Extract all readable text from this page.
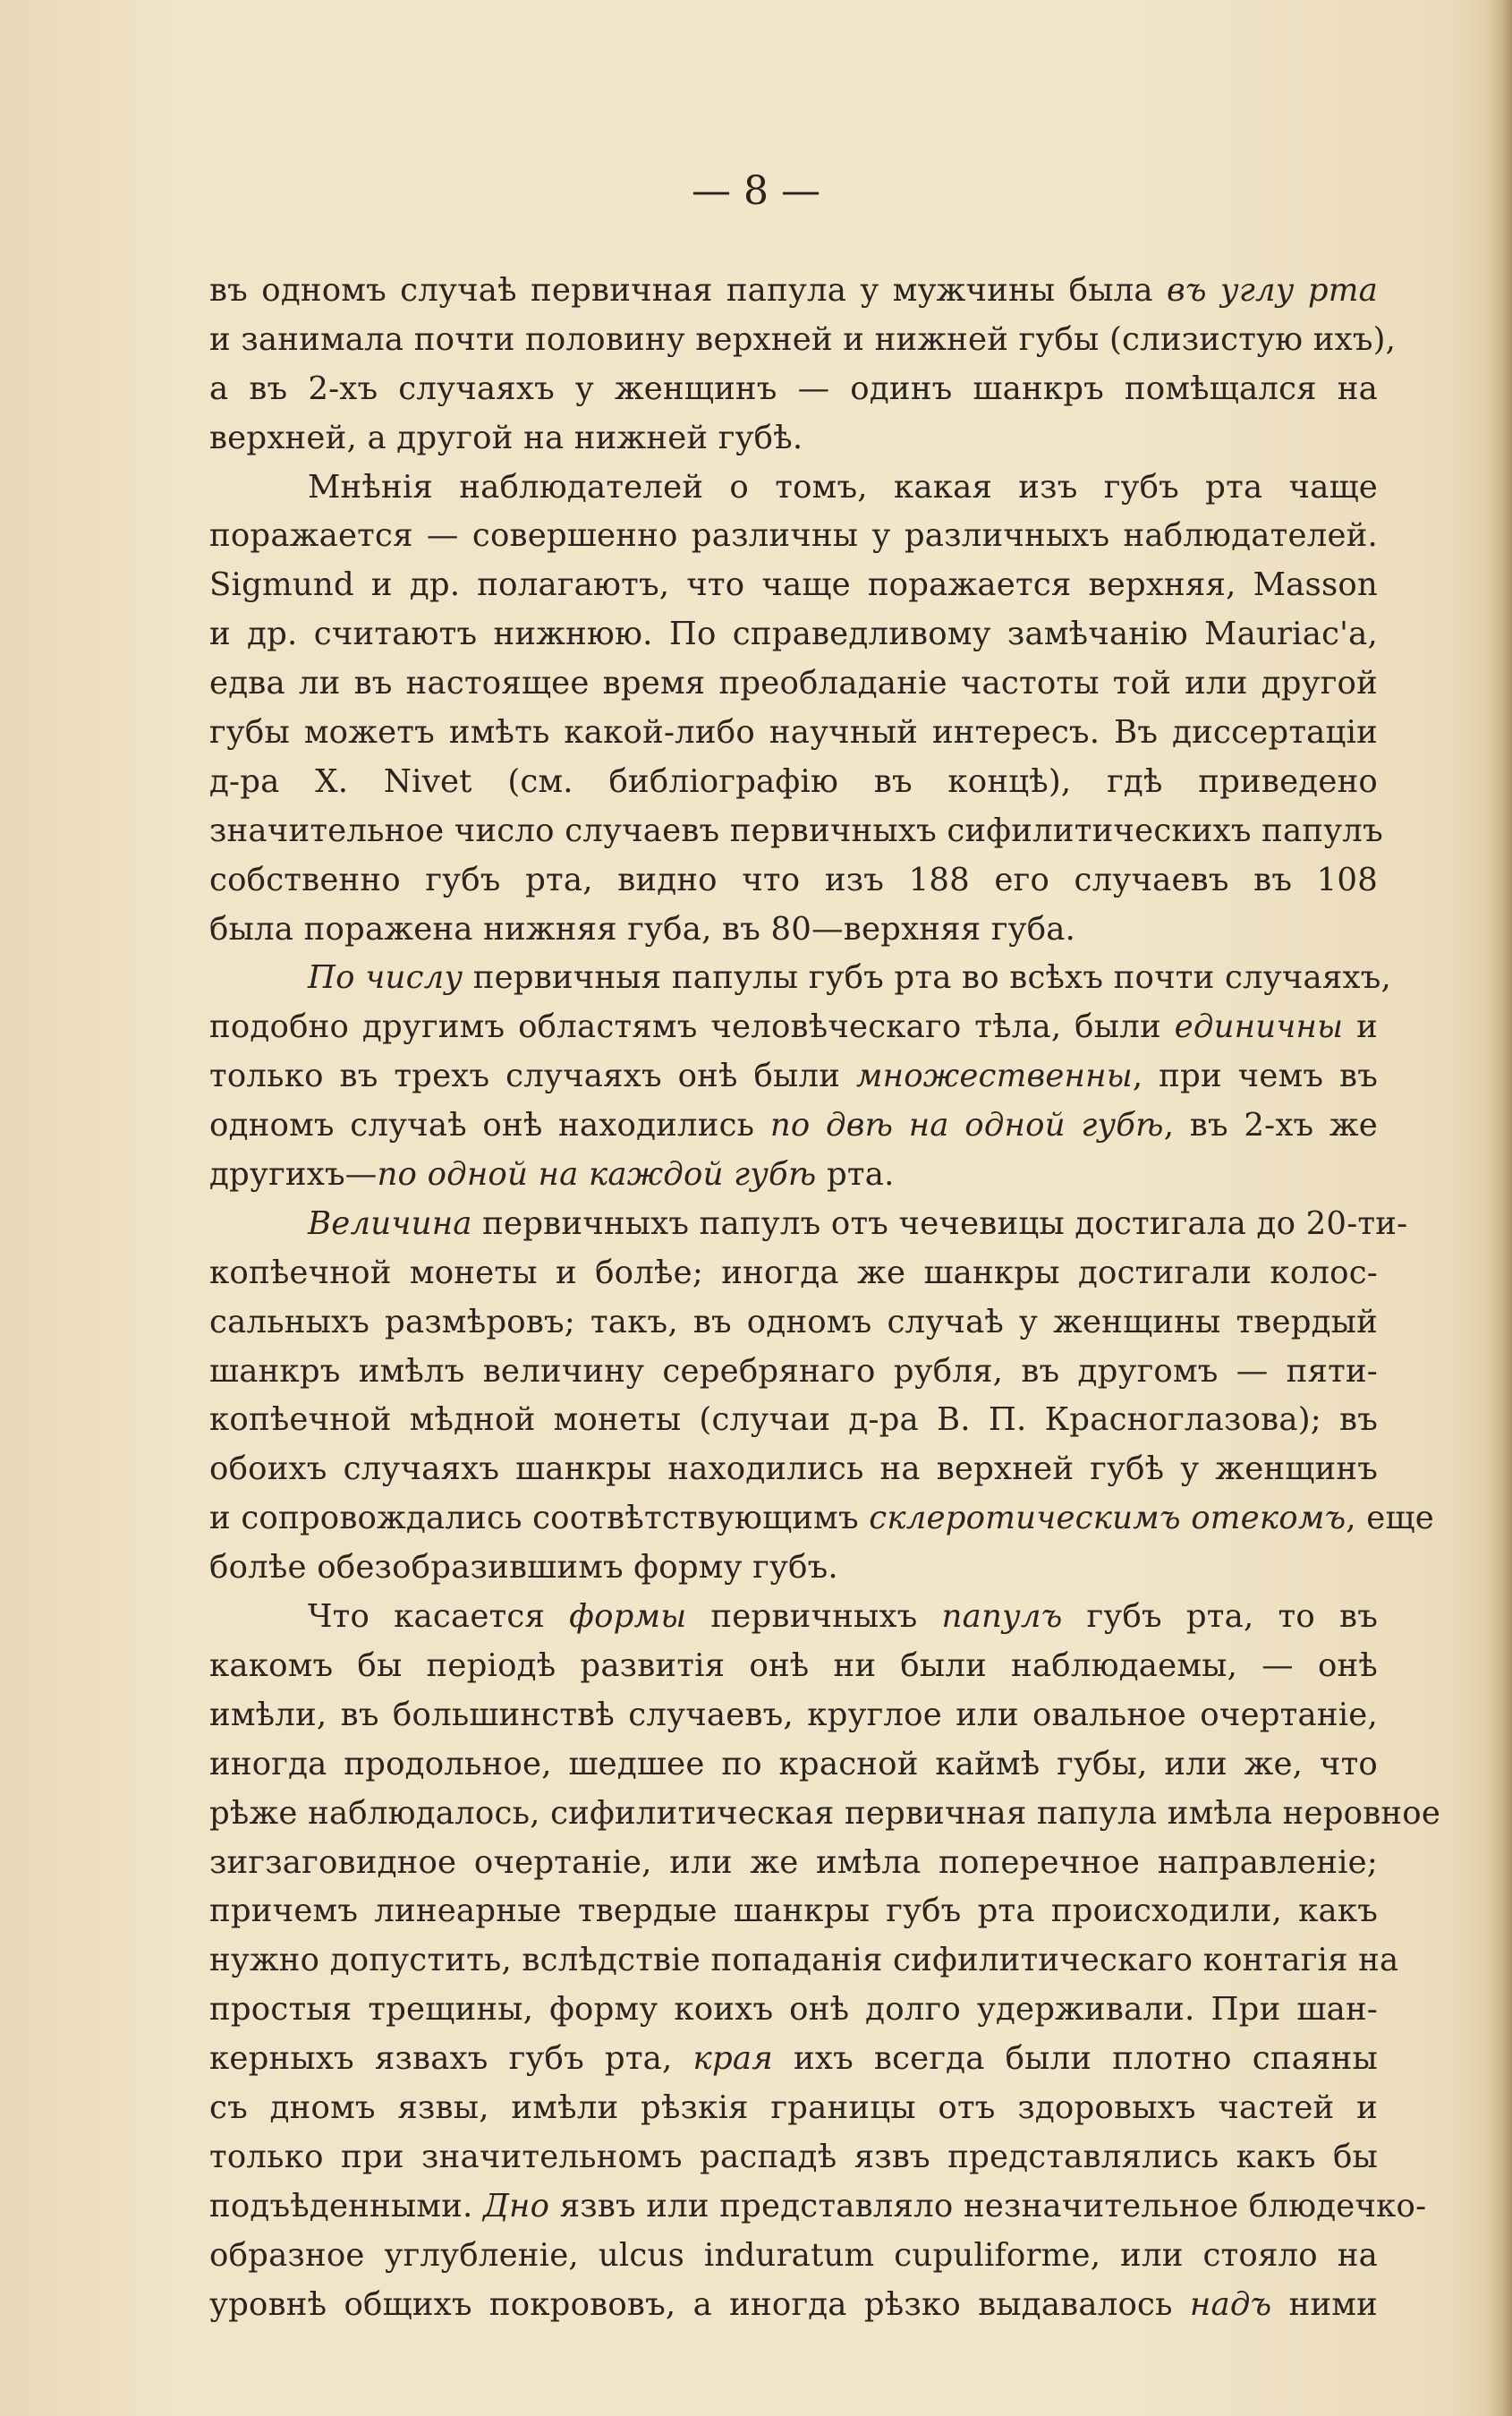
— 8 —
въ одномъ случаѣ первичная папула у мужчины была въ углу рта
и занимала почти половину верхней и нижней губы (слизистую ихъ),
а въ 2-хъ случаяхъ у женщинъ — одинъ шанкръ помѣщался на
верхней, а другой на нижней губѣ.
Мнѣнія наблюдателей о томъ, какая изъ губъ рта чаще
поражается — совершенно различны у различныхъ наблюдателей.
Sigmund и др. полагаютъ, что чаще поражается верхняя, Masson
и др. считаютъ нижнюю. По справедливому замѣчанію Mauriac'a,
едва ли въ настоящее время преобладаніе частоты той или другой
губы можетъ имѣть какой-либо научный интересъ. Въ диссертаціи
д-ра X. Nivet (см. библіографію въ концѣ), гдѣ приведено
значительное число случаевъ первичныхъ сифилитическихъ папулъ
собственно губъ рта, видно что изъ 188 его случаевъ въ 108
была поражена нижняя губа, въ 80—верхняя губа.
По числу первичныя папулы губъ рта во всѣхъ почти случаяхъ,
подобно другимъ областямъ человѣческаго тѣла, были единичны и
только въ трехъ случаяхъ онѣ были множественны, при чемъ въ
одномъ случаѣ онѣ находились по двѣ на одной губѣ, въ 2-хъ же
другихъ—по одной на каждой губѣ рта.
Величина первичныхъ папулъ отъ чечевицы достигала до 20-ти-
копѣечной монеты и болѣе; иногда же шанкры достигали колос-
сальныхъ размѣровъ; такъ, въ одномъ случаѣ у женщины твердый
шанкръ имѣлъ величину серебрянаго рубля, въ другомъ — пяти-
копѣечной мѣдной монеты (случаи д-ра В. П. Красноглазова); въ
обоихъ случаяхъ шанкры находились на верхней губѣ у женщинъ
и сопровождались соотвѣтствующимъ склеротическимъ отекомъ, еще
болѣе обезобразившимъ форму губъ.
Что касается формы первичныхъ папулъ губъ рта, то въ
какомъ бы періодѣ развитія онѣ ни были наблюдаемы, — онѣ
имѣли, въ большинствѣ случаевъ, круглое или овальное очертаніе,
иногда продольное, шедшее по красной каймѣ губы, или же, что
рѣже наблюдалось, сифилитическая первичная папула имѣла неровное
зигзаговидное очертаніе, или же имѣла поперечное направленіе;
причемъ линеарные твердые шанкры губъ рта происходили, какъ
нужно допустить, вслѣдствіе попаданія сифилитическаго контагія на
простыя трещины, форму коихъ онѣ долго удерживали. При шан-
керныхъ язвахъ губъ рта, края ихъ всегда были плотно спаяны
съ дномъ язвы, имѣли рѣзкія границы отъ здоровыхъ частей и
только при значительномъ распадѣ язвъ представлялись какъ бы
подъѣденными. Дно язвъ или представляло незначительное блюдечко-
образное углубленіе, ulcus induratum cupuliforme, или стояло на
уровнѣ общихъ покрововъ, а иногда рѣзко выдавалось надъ ними
